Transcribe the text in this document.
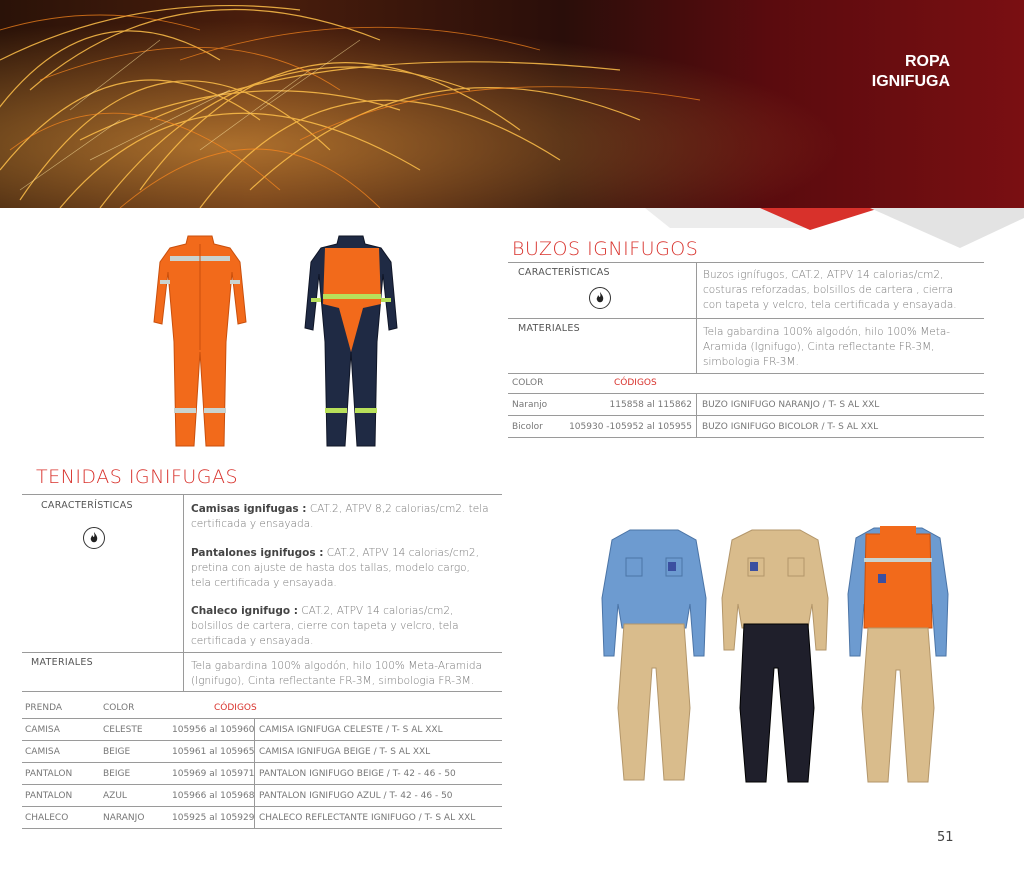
ROPA
IGNIFUGA
BUZOS IGNIFUGOS
CARACTERÍSTICAS	Buzos ignífugos, CAT.2, ATPV 14 calorias/cm2, costuras reforzadas, bolsillos de cartera , cierra con tapeta y velcro, tela certificada y ensayada.
MATERIALES	Tela gabardina 100% algodón, hilo 100% Meta-Aramida (Ignifugo), Cinta reflectante FR-3M, simbologia FR-3M.
COLOR	CÓDIGOS
Naranjo	115858 al 115862 BUZO IGNIFUGO NARANJO / T- S AL XXL
Bicolor	105930 -105952 al 105955 BUZO IGNIFUGO BICOLOR / T- S AL XXL
TENIDAS IGNIFUGAS
CARACTERÍSTICAS	Camisas ignifugas : CAT.2, ATPV 8,2 calorias/cm2. tela certificada y ensayada.
Pantalones ignifugos : CAT.2, ATPV 14 calorias/cm2, pretina con ajuste de hasta dos tallas, modelo cargo, tela certificada y ensayada.
Chaleco ignifugo : CAT.2, ATPV 14 calorias/cm2, bolsillos de cartera, cierre con tapeta y velcro, tela certificada y ensayada.
MATERIALES	Tela gabardina 100% algodón, hilo 100% Meta-Aramida (Ignifugo), Cinta reflectante FR-3M, simbologia FR-3M.
PRENDA	COLOR	CÓDIGOS
CAMISA	CELESTE	105956 al 105960 CAMISA IGNIFUGA CELESTE / T- S AL XXL
CAMISA	BEIGE	105961 al 105965 CAMISA IGNIFUGA BEIGE / T- S AL XXL
PANTALON	BEIGE	105969 al 105971 PANTALON IGNIFUGO BEIGE / T- 42 - 46 - 50
PANTALON	AZUL	105966 al 105968 PANTALON IGNIFUGO AZUL / T- 42 - 46 - 50
CHALECO	NARANJO	105925 al 105929 CHALECO REFLECTANTE IGNIFUGO / T- S AL XXL
51
